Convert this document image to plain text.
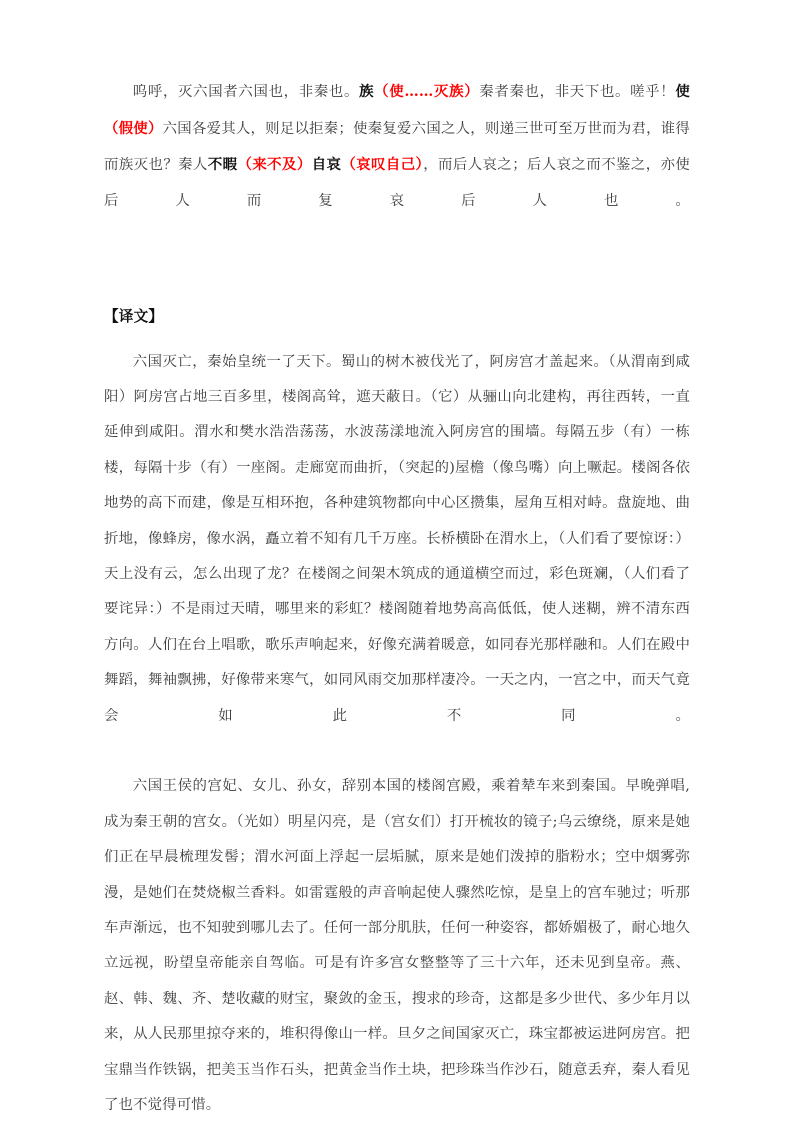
呜呼，灭六国者六国也，非秦也。族（使……灭族）秦者秦也，非天下也。嗟乎！使（假使）六国各爱其人，则足以拒秦；使秦复爱六国之人，则递三世可至万世而为君，谁得而族灭也？秦人不暇（来不及）自哀（哀叹自己），而后人哀之；后人哀之而不鉴之，亦使后人而复哀后人也。

【译文】

六国灭亡，秦始皇统一了天下。蜀山的树木被伐光了，阿房宫才盖起来。（从渭南到咸阳）阿房宫占地三百多里，楼阁高耸，遮天蔽日。（它）从骊山向北建构，再往西转，一直延伸到咸阳。渭水和樊水浩浩荡荡，水波荡漾地流入阿房宫的围墙。每隔五步（有）一栋楼，每隔十步（有）一座阁。走廊宽而曲折，（突起的)屋檐（像鸟嘴）向上噘起。楼阁各依地势的高下而建，像是互相环抱，各种建筑物都向中心区攒集，屋角互相对峙。盘旋地、曲折地，像蜂房，像水涡，矗立着不知有几千万座。长桥横卧在渭水上，（人们看了要惊讶：）天上没有云，怎么出现了龙？在楼阁之间架木筑成的通道横空而过，彩色斑斓，（人们看了要诧异：）不是雨过天晴，哪里来的彩虹？楼阁随着地势高高低低，使人迷糊，辨不清东西方向。人们在台上唱歌，歌乐声响起来，好像充满着暖意，如同春光那样融和。人们在殿中舞蹈，舞袖飘拂，好像带来寒气，如同风雨交加那样凄冷。一天之内，一宫之中，而天气竟会如此不同。

六国王侯的宫妃、女儿、孙女，辞别本国的楼阁宫殿，乘着辇车来到秦国。早晚弹唱,成为秦王朝的宫女。（光如）明星闪亮，是（宫女们）打开梳妆的镜子;乌云缭绕，原来是她们正在早晨梳理发髻；渭水河面上浮起一层垢腻，原来是她们泼掉的脂粉水；空中烟雾弥漫，是她们在焚烧椒兰香料。如雷霆般的声音响起使人骤然吃惊，是皇上的宫车驰过；听那车声渐远，也不知驶到哪儿去了。任何一部分肌肤，任何一种姿容，都娇媚极了，耐心地久立远视，盼望皇帝能亲自驾临。可是有许多宫女整整等了三十六年，还未见到皇帝。燕、赵、韩、魏、齐、楚收藏的财宝，聚敛的金玉，搜求的珍奇，这都是多少世代、多少年月以来，从人民那里掠夺来的，堆积得像山一样。旦夕之间国家灭亡，珠宝都被运进阿房宫。把宝鼎当作铁锅，把美玉当作石头，把黄金当作土块，把珍珠当作沙石，随意丢弃，秦人看见了也不觉得可惜。
